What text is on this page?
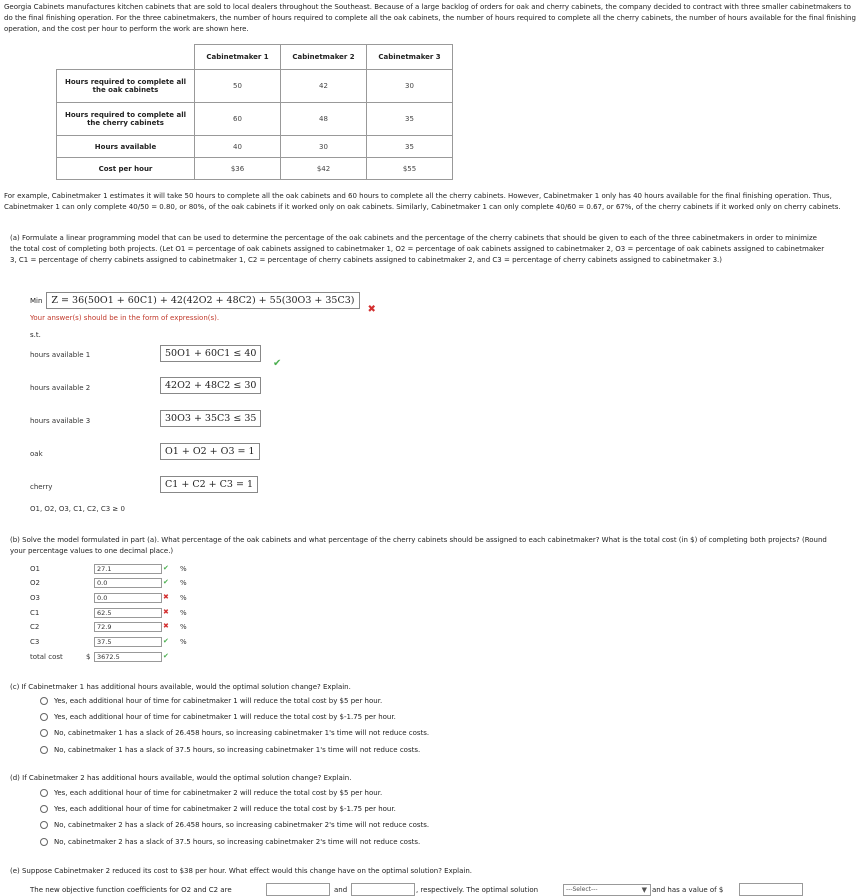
Georgia Cabinets manufactures kitchen cabinets that are sold to local dealers throughout the Southeast. Because of a large backlog of orders for oak and cherry cabinets, the company decided to contract with three smaller cabinetmakers to do the final finishing operation. For the three cabinetmakers, the number of hours required to complete all the oak cabinets, the number of hours required to complete all the cherry cabinets, the number of hours available for the final finishing operation, and the cost per hour to perform the work are shown here.
	Cabinetmaker 1	Cabinetmaker 2	Cabinetmaker 3
Hours required to complete all the oak cabinets	50	42	30
Hours required to complete all the cherry cabinets	60	48	35
Hours available	40	30	35
Cost per hour	$36	$42	$55
For example, Cabinetmaker 1 estimates it will take 50 hours to complete all the oak cabinets and 60 hours to complete all the cherry cabinets. However, Cabinetmaker 1 only has 40 hours available for the final finishing operation. Thus, Cabinetmaker 1 can only complete 40/50 = 0.80, or 80%, of the oak cabinets if it worked only on oak cabinets. Similarly, Cabinetmaker 1 can only complete 40/60 = 0.67, or 67%, of the cherry cabinets if it worked only on cherry cabinets.
(a) Formulate a linear programming model that can be used to determine the percentage of the oak cabinets and the percentage of the cherry cabinets that should be given to each of the three cabinetmakers in order to minimize the total cost of completing both projects. (Let O1 = percentage of oak cabinets assigned to cabinetmaker 1, O2 = percentage of oak cabinets assigned to cabinetmaker 2, O3 = percentage of oak cabinets assigned to cabinetmaker 3, C1 = percentage of cherry cabinets assigned to cabinetmaker 1, C2 = percentage of cherry cabinets assigned to cabinetmaker 2, and C3 = percentage of cherry cabinets assigned to cabinetmaker 3.)
Min Z = 36(50O1 + 60C1) + 42(42O2 + 48C2) + 55(30O3 + 35C3)
✖
Your answer(s) should be in the form of expression(s).
s.t.
hours available 1	50O1 + 60C1 ≤ 40
✔
hours available 2	42O2 + 48C2 ≤ 30
hours available 3	30O3 + 35C3 ≤ 35
oak	O1 + O2 + O3 = 1
cherry	C1 + C2 + C3 = 1
O1, O2, O3, C1, C2, C3 ≥ 0
(b) Solve the model formulated in part (a). What percentage of the oak cabinets and what percentage of the cherry cabinets should be assigned to each cabinetmaker? What is the total cost (in $) of completing both projects? (Round your percentage values to one decimal place.)
O1	27.1	✔ %
O2	0.0	✔ %
O3	0.0	✖ %
C1	62.5	✖ %
C2	72.9	✖ %
C3	37.5	✔ %
total cost	$	3672.5	✔
(c) If Cabinetmaker 1 has additional hours available, would the optimal solution change? Explain.
Yes, each additional hour of time for cabinetmaker 1 will reduce the total cost by $5 per hour.
Yes, each additional hour of time for cabinetmaker 1 will reduce the total cost by $-1.75 per hour.
No, cabinetmaker 1 has a slack of 26.458 hours, so increasing cabinetmaker 1's time will not reduce costs.
No, cabinetmaker 1 has a slack of 37.5 hours, so increasing cabinetmaker 1's time will not reduce costs.
(d) If Cabinetmaker 2 has additional hours available, would the optimal solution change? Explain.
Yes, each additional hour of time for cabinetmaker 2 will reduce the total cost by $5 per hour.
Yes, each additional hour of time for cabinetmaker 2 will reduce the total cost by $-1.75 per hour.
No, cabinetmaker 2 has a slack of 26.458 hours, so increasing cabinetmaker 2's time will not reduce costs.
No, cabinetmaker 2 has a slack of 37.5 hours, so increasing cabinetmaker 2's time will not reduce costs.
(e) Suppose Cabinetmaker 2 reduced its cost to $38 per hour. What effect would this change have on the optimal solution? Explain.
The new objective function coefficients for O2 and C2 are	and	, respectively. The optimal solution	---Select---	▼ and has a value of $
